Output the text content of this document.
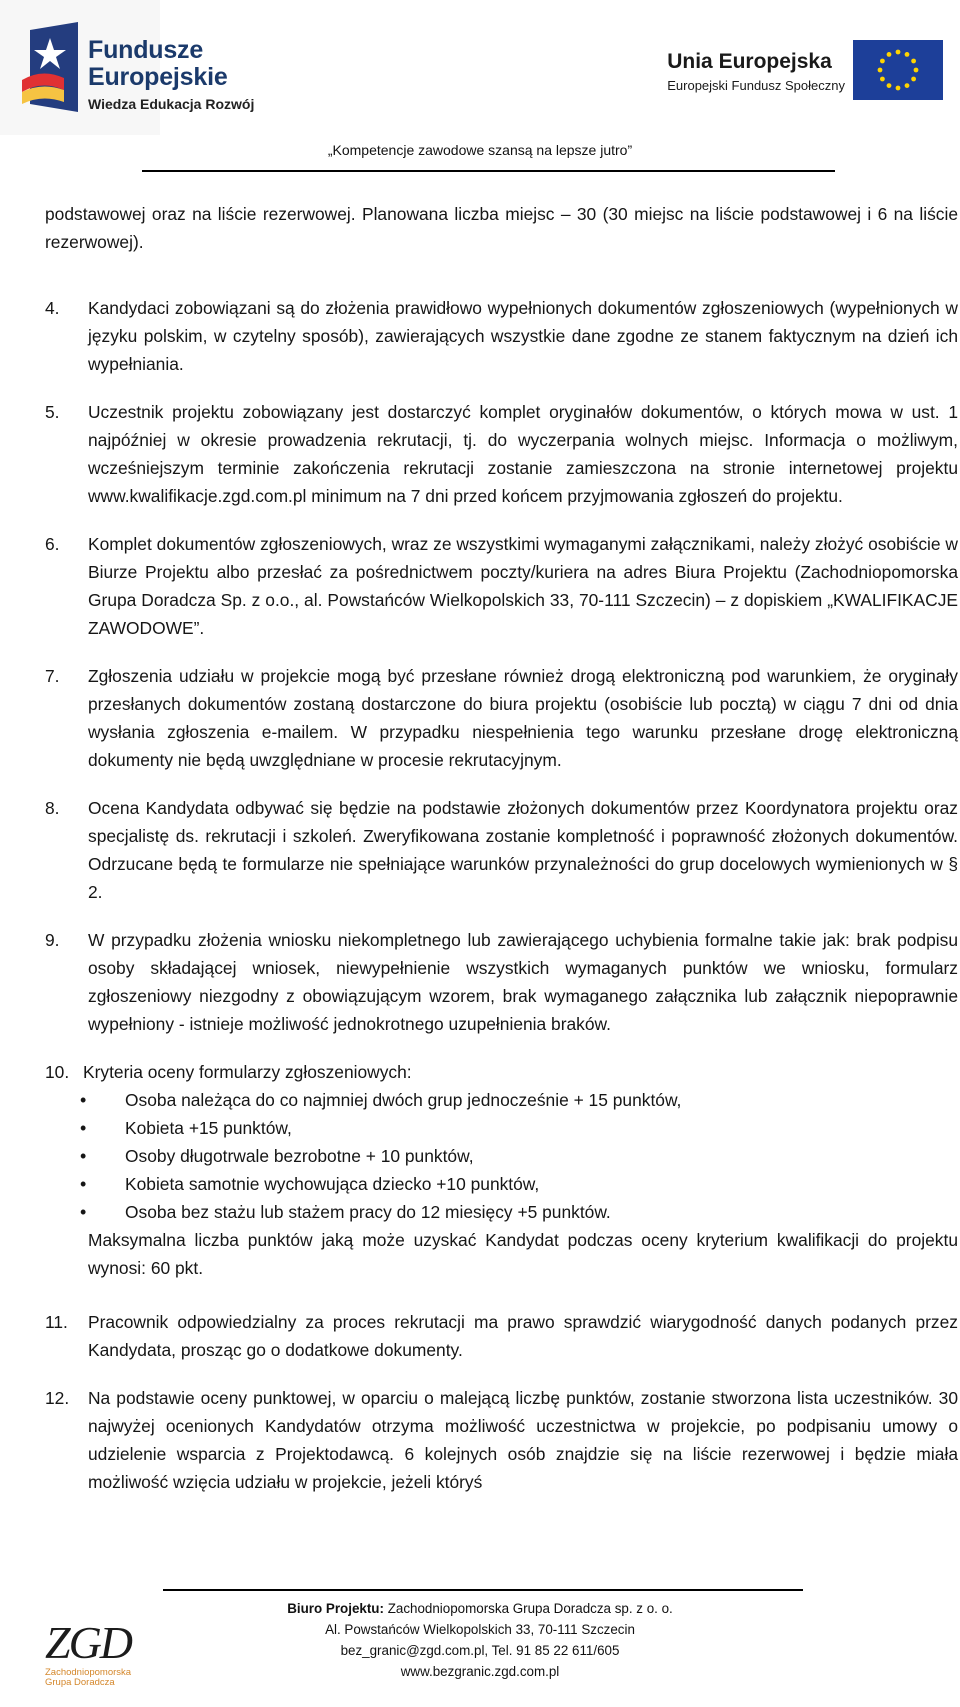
Fundusze
Europejskie
Wiedza Edukacja Rozwój
Unia Europejska
Europejski Fundusz Społeczny
„Kompetencje zawodowe szansą na lepsze jutro”

podstawowej oraz na liście rezerwowej. Planowana liczba miejsc – 30 (30 miejsc na liście podstawowej i 6 na liście rezerwowej).

4. Kandydaci zobowiązani są do złożenia prawidłowo wypełnionych dokumentów zgłoszeniowych (wypełnionych w języku polskim, w czytelny sposób), zawierających wszystkie dane zgodne ze stanem faktycznym na dzień ich wypełniania.
5. Uczestnik projektu zobowiązany jest dostarczyć komplet oryginałów dokumentów, o których mowa w ust. 1 najpóźniej w okresie prowadzenia rekrutacji, tj. do wyczerpania wolnych miejsc. Informacja o możliwym, wcześniejszym terminie zakończenia rekrutacji zostanie zamieszczona na stronie internetowej projektu www.kwalifikacje.zgd.com.pl minimum na 7 dni przed końcem przyjmowania zgłoszeń do projektu.
6. Komplet dokumentów zgłoszeniowych, wraz ze wszystkimi wymaganymi załącznikami, należy złożyć osobiście w Biurze Projektu albo przesłać za pośrednictwem poczty/kuriera na adres Biura Projektu (Zachodniopomorska Grupa Doradcza Sp. z o.o., al. Powstańców Wielkopolskich 33, 70-111 Szczecin) – z dopiskiem „KWALIFIKACJE ZAWODOWE”.
7. Zgłoszenia udziału w projekcie mogą być przesłane również drogą elektroniczną pod warunkiem, że oryginały przesłanych dokumentów zostaną dostarczone do biura projektu (osobiście lub pocztą) w ciągu 7 dni od dnia wysłania zgłoszenia e-mailem. W przypadku niespełnienia tego warunku przesłane drogę elektroniczną dokumenty nie będą uwzględniane w procesie rekrutacyjnym.
8. Ocena Kandydata odbywać się będzie na podstawie złożonych dokumentów przez Koordynatora projektu oraz specjalistę ds. rekrutacji i szkoleń. Zweryfikowana zostanie kompletność i poprawność złożonych dokumentów. Odrzucane będą te formularze nie spełniające warunków przynależności do grup docelowych wymienionych w § 2.
9. W przypadku złożenia wniosku niekompletnego lub zawierającego uchybienia formalne takie jak: brak podpisu osoby składającej wniosek, niewypełnienie wszystkich wymaganych punktów we wniosku, formularz zgłoszeniowy niezgodny z obowiązującym wzorem, brak wymaganego załącznika lub załącznik niepoprawnie wypełniony - istnieje możliwość jednokrotnego uzupełnienia braków.
10. Kryteria oceny formularzy zgłoszeniowych:
• Osoba należąca do co najmniej dwóch grup jednocześnie + 15 punktów,
• Kobieta +15 punktów,
• Osoby długotrwale bezrobotne + 10 punktów,
• Kobieta samotnie wychowująca dziecko +10 punktów,
• Osoba bez stażu lub stażem pracy do 12 miesięcy +5 punktów.
Maksymalna liczba punktów jaką może uzyskać Kandydat podczas oceny kryterium kwalifikacji do projektu wynosi: 60 pkt.
11. Pracownik odpowiedzialny za proces rekrutacji ma prawo sprawdzić wiarygodność danych podanych przez Kandydata, prosząc go o dodatkowe dokumenty.
12. Na podstawie oceny punktowej, w oparciu o malejącą liczbę punktów, zostanie stworzona lista uczestników. 30 najwyżej ocenionych Kandydatów otrzyma możliwość uczestnictwa w projekcie, po podpisaniu umowy o udzielenie wsparcia z Projektodawcą. 6 kolejnych osób znajdzie się na liście rezerwowej i będzie miała możliwość wzięcia udziału w projekcie, jeżeli któryś
ZGD
Zachodniopomorska
Grupa Doradcza
Biuro Projektu: Zachodniopomorska Grupa Doradcza sp. z o. o.
Al. Powstańców Wielkopolskich 33, 70-111 Szczecin
bez_granic@zgd.com.pl, Tel. 91 85 22 611/605
www.bezgranic.zgd.com.pl
